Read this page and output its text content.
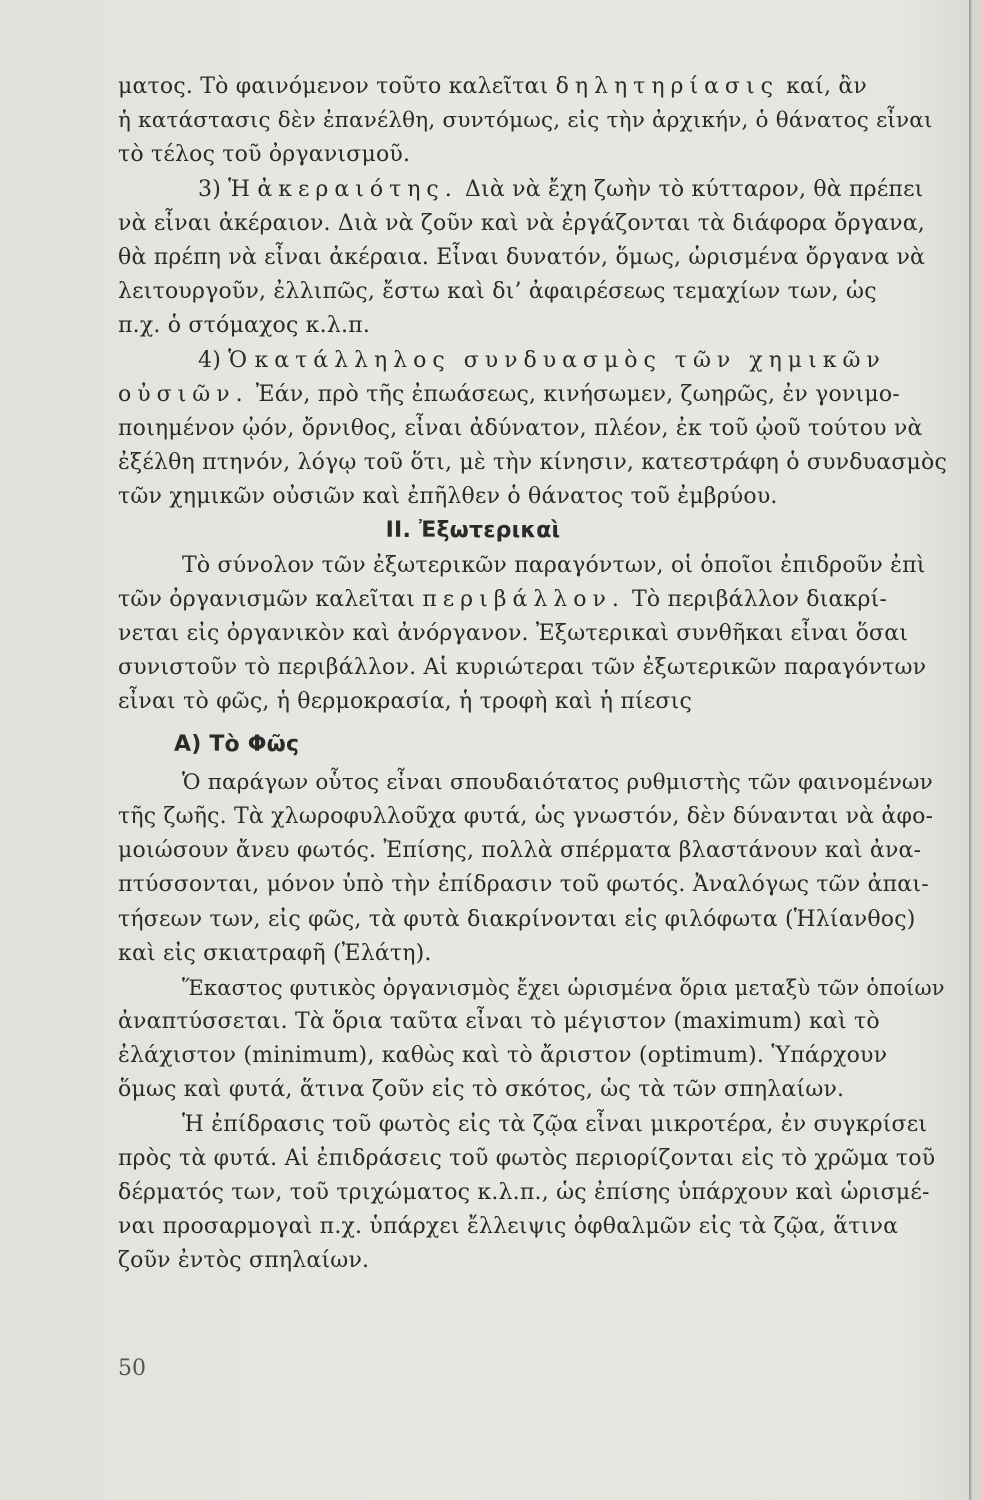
ματος. Τὸ φαινόμενον τοῦτο καλεῖται δηλητηρίασις καί, ἂν
ἡ κατάστασις δὲν ἐπανέλθη, συντόμως, εἰς τὴν ἀρχικήν, ὁ θάνατος εἶναι
τὸ τέλος τοῦ ὀργανισμοῦ.
3) Ἡ ἀκεραιότης. Διὰ νὰ ἔχη ζωὴν τὸ κύτταρον, θὰ πρέπει
νὰ εἶναι ἀκέραιον. Διὰ νὰ ζοῦν καὶ νὰ ἐργάζονται τὰ διάφορα ὄργανα,
θὰ πρέπη νὰ εἶναι ἀκέραια. Εἶναι δυνατόν, ὅμως, ὡρισμένα ὄργανα νὰ
λειτουργοῦν, ἐλλιπῶς, ἔστω καὶ δι’ ἀφαιρέσεως τεμαχίων των, ὡς
π.χ. ὁ στόμαχος κ.λ.π.
4) Ὁ κατάλληλος συνδυασμὸς τῶν χημικῶν
οὐσιῶν. Ἐάν, πρὸ τῆς ἐπωάσεως, κινήσωμεν, ζωηρῶς, ἐν γονιμο-
ποιημένον ᾠόν, ὄρνιθος, εἶναι ἀδύνατον, πλέον, ἐκ τοῦ ᾠοῦ τούτου νὰ
ἐξέλθη πτηνόν, λόγῳ τοῦ ὅτι, μὲ τὴν κίνησιν, κατεστράφη ὁ συνδυασμὸς
τῶν χημικῶν οὐσιῶν καὶ ἐπῆλθεν ὁ θάνατος τοῦ ἐμβρύου.
ΙΙ. Ἐξωτερικαὶ
Τὸ σύνολον τῶν ἐξωτερικῶν παραγόντων, οἱ ὁποῖοι ἐπιδροῦν ἐπὶ
τῶν ὀργανισμῶν καλεῖται περιβάλλον. Τὸ περιβάλλον διακρί-
νεται εἰς ὀργανικὸν καὶ ἀνόργανον. Ἐξωτερικαὶ συνθῆκαι εἶναι ὅσαι
συνιστοῦν τὸ περιβάλλον. Αἱ κυριώτεραι τῶν ἐξωτερικῶν παραγόντων
εἶναι τὸ φῶς, ἡ θερμοκρασία, ἡ τροφὴ καὶ ἡ πίεσις
Α) Τὸ Φῶς
Ὁ παράγων οὗτος εἶναι σπουδαιότατος ρυθμιστὴς τῶν φαινομένων
τῆς ζωῆς. Τὰ χλωροφυλλοῦχα φυτά, ὡς γνωστόν, δὲν δύνανται νὰ ἀφο-
μοιώσουν ἄνευ φωτός. Ἐπίσης, πολλὰ σπέρματα βλαστάνουν καὶ ἀνα-
πτύσσονται, μόνον ὑπὸ τὴν ἐπίδρασιν τοῦ φωτός. Ἀναλόγως τῶν ἀπαι-
τήσεων των, εἰς φῶς, τὰ φυτὰ διακρίνονται εἰς φιλόφωτα (Ἡλίανθος)
καὶ εἰς σκιατραφῆ (Ἐλάτη).
Ἕκαστος φυτικὸς ὀργανισμὸς ἔχει ὡρισμένα ὅρια μεταξὺ τῶν ὁποίων
ἀναπτύσσεται. Τὰ ὅρια ταῦτα εἶναι τὸ μέγιστον (maximum) καὶ τὸ
ἐλάχιστον (minimum), καθὼς καὶ τὸ ἄριστον (optimum). Ὑπάρχουν
ὅμως καὶ φυτά, ἅτινα ζοῦν εἰς τὸ σκότος, ὡς τὰ τῶν σπηλαίων.
Ἡ ἐπίδρασις τοῦ φωτὸς εἰς τὰ ζῷα εἶναι μικροτέρα, ἐν συγκρίσει
πρὸς τὰ φυτά. Αἱ ἐπιδράσεις τοῦ φωτὸς περιορίζονται εἰς τὸ χρῶμα τοῦ
δέρματός των, τοῦ τριχώματος κ.λ.π., ὡς ἐπίσης ὑπάρχουν καὶ ὡρισμέ-
ναι προσαρμογαὶ π.χ. ὑπάρχει ἔλλειψις ὀφθαλμῶν εἰς τὰ ζῷα, ἅτινα
ζοῦν ἐντὸς σπηλαίων.
50
